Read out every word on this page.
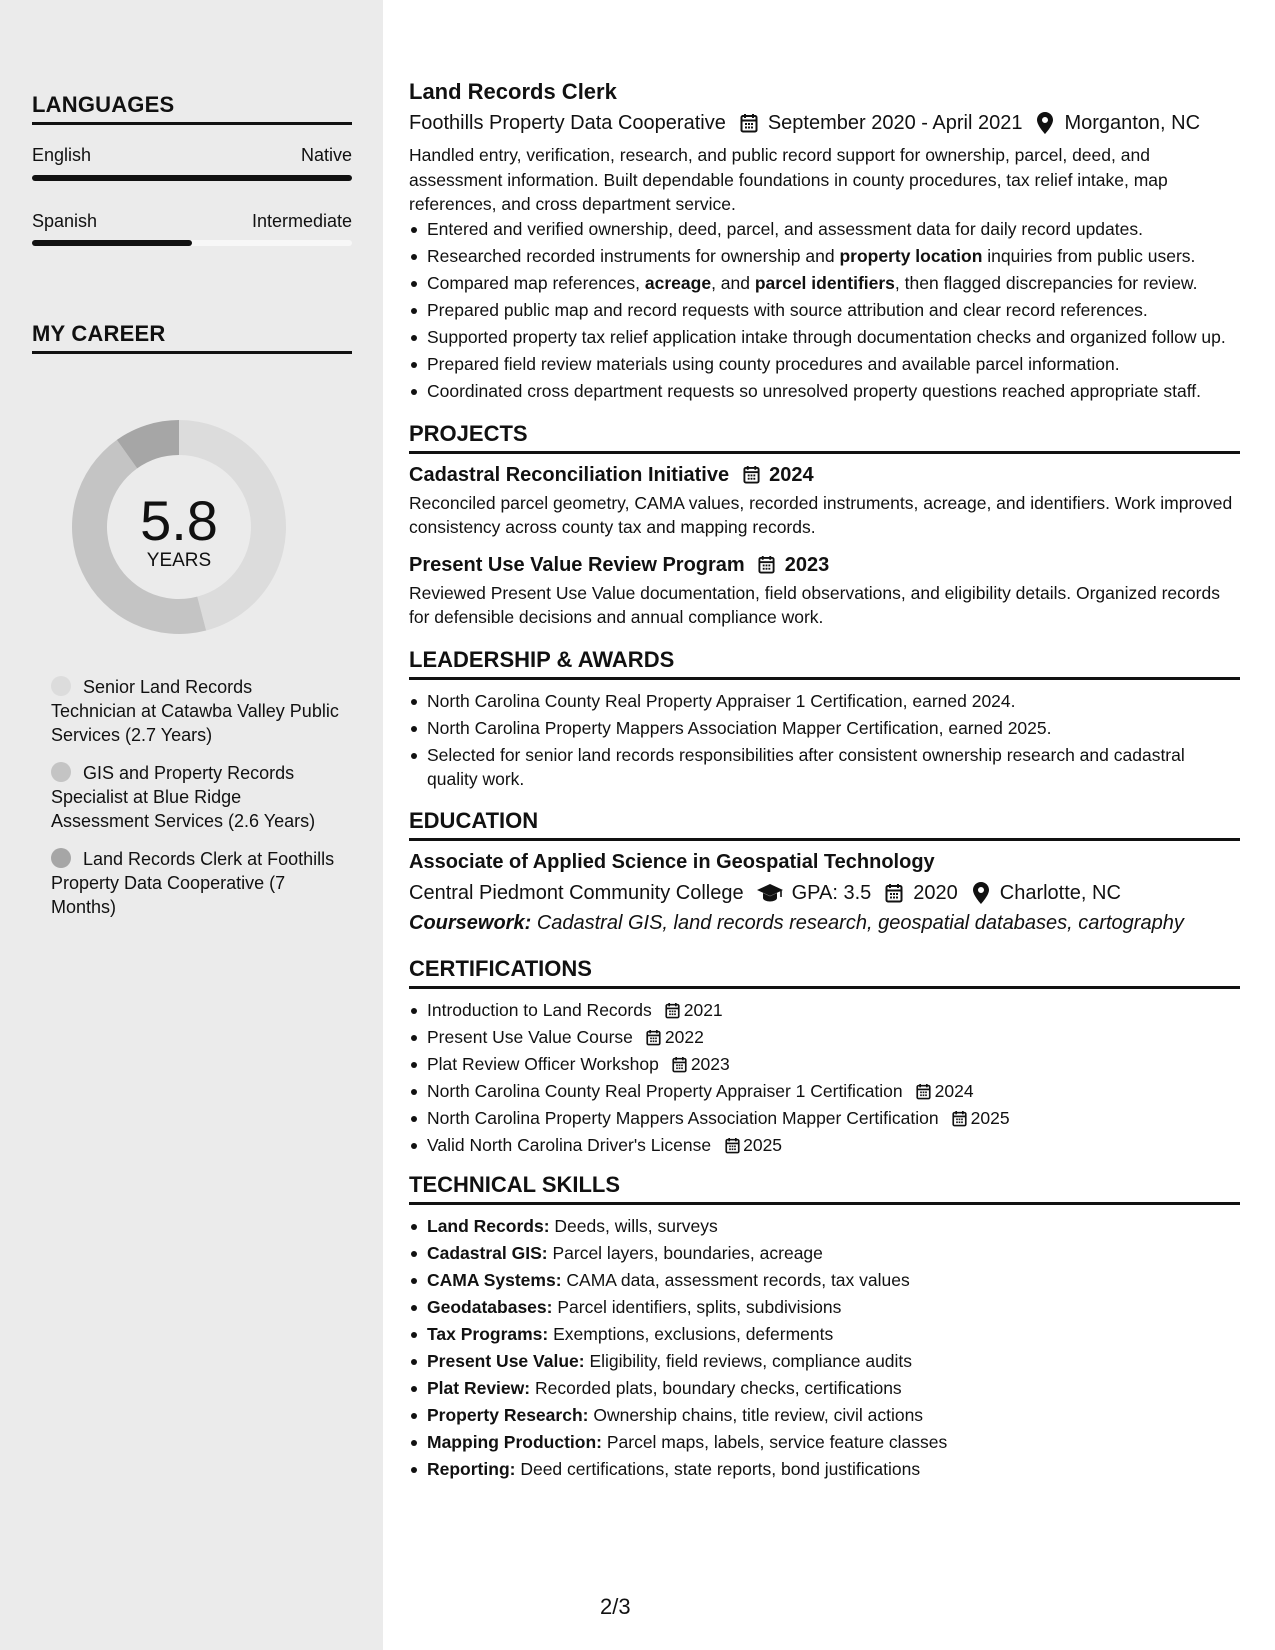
LANGUAGES
English	Native
Spanish	Intermediate
MY CAREER
5.8
YEARS
Senior Land Records Technician at Catawba Valley Public Services (2.7 Years)
GIS and Property Records Specialist at Blue Ridge Assessment Services (2.6 Years)
Land Records Clerk at Foothills Property Data Cooperative (7 Months)
Land Records Clerk
Foothills Property Data Cooperative September 2020 - April 2021 Morganton, NC

Handled entry, verification, research, and public record support for ownership, parcel, deed, and assessment information. Built dependable foundations in county procedures, tax relief intake, map references, and cross department service.

Entered and verified ownership, deed, parcel, and assessment data for daily record updates.
Researched recorded instruments for ownership and property location inquiries from public users.
Compared map references, acreage, and parcel identifiers, then flagged discrepancies for review.
Prepared public map and record requests with source attribution and clear record references.
Supported property tax relief application intake through documentation checks and organized follow up.
Prepared field review materials using county procedures and available parcel information.
Coordinated cross department requests so unresolved property questions reached appropriate staff.
PROJECTS
Cadastral Reconciliation Initiative 2024

Reconciled parcel geometry, CAMA values, recorded instruments, acreage, and identifiers. Work improved consistency across county tax and mapping records.

Present Use Value Review Program 2023

Reviewed Present Use Value documentation, field observations, and eligibility details. Organized records for defensible decisions and annual compliance work.

LEADERSHIP & AWARDS
North Carolina County Real Property Appraiser 1 Certification, earned 2024.
North Carolina Property Mappers Association Mapper Certification, earned 2025.
Selected for senior land records responsibilities after consistent ownership research and cadastral quality work.
EDUCATION
Associate of Applied Science in Geospatial Technology
Central Piedmont Community College GPA: 3.5 2020 Charlotte, NC
Coursework: Cadastral GIS, land records research, geospatial databases, cartography
CERTIFICATIONS
Introduction to Land Records 2021
Present Use Value Course 2022
Plat Review Officer Workshop 2023
North Carolina County Real Property Appraiser 1 Certification 2024
North Carolina Property Mappers Association Mapper Certification 2025
Valid North Carolina Driver's License 2025
TECHNICAL SKILLS
Land Records: Deeds, wills, surveys
Cadastral GIS: Parcel layers, boundaries, acreage
CAMA Systems: CAMA data, assessment records, tax values
Geodatabases: Parcel identifiers, splits, subdivisions
Tax Programs: Exemptions, exclusions, deferments
Present Use Value: Eligibility, field reviews, compliance audits
Plat Review: Recorded plats, boundary checks, certifications
Property Research: Ownership chains, title review, civil actions
Mapping Production: Parcel maps, labels, service feature classes
Reporting: Deed certifications, state reports, bond justifications
2/3
